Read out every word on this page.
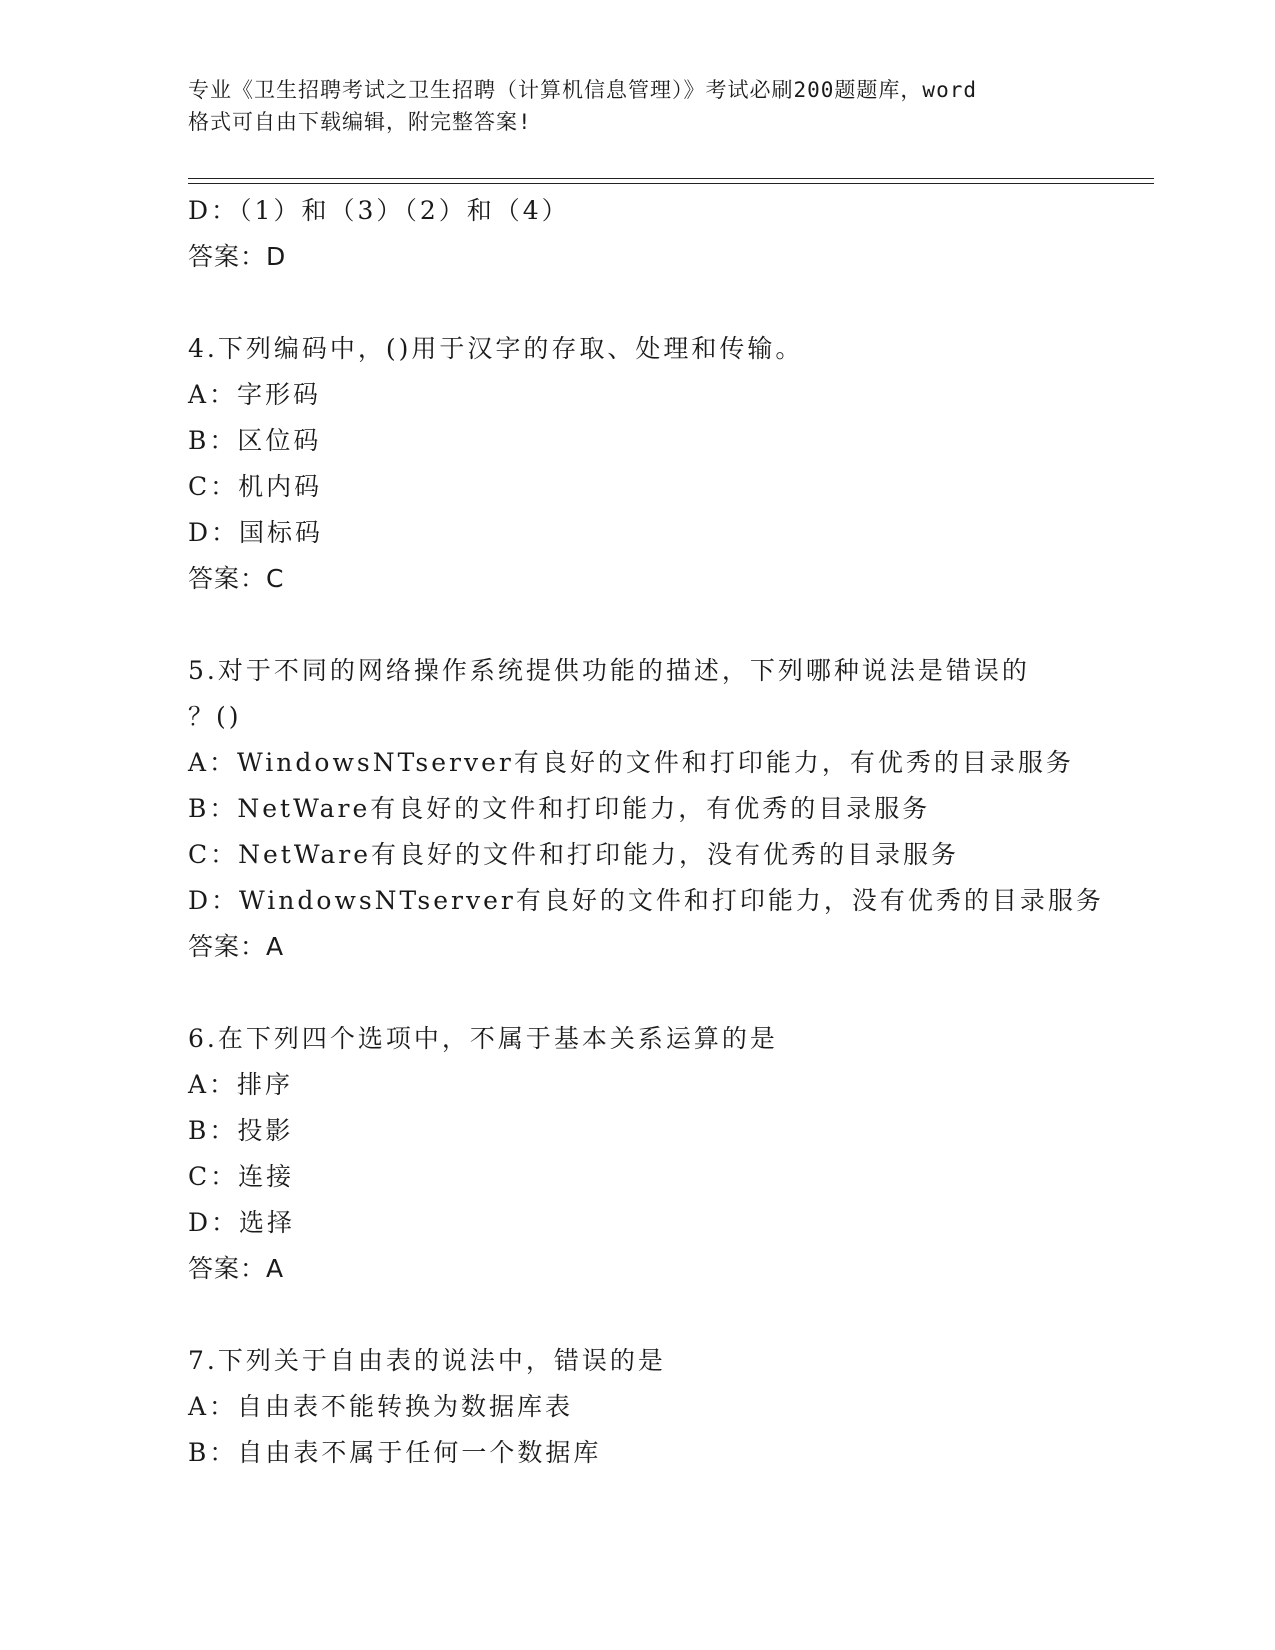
专业《卫生招聘考试之卫生招聘（计算机信息管理）》考试必刷200题题库，word
格式可自由下载编辑，附完整答案!
D：（1）和（3）（2）和（4）
答案：D
4.下列编码中，()用于汉字的存取、处理和传输。
A：字形码
B：区位码
C：机内码
D：国标码
答案：C
5.对于不同的网络操作系统提供功能的描述，下列哪种说法是错误的
？()
A：WindowsNTserver有良好的文件和打印能力，有优秀的目录服务
B：NetWare有良好的文件和打印能力，有优秀的目录服务
C：NetWare有良好的文件和打印能力，没有优秀的目录服务
D：WindowsNTserver有良好的文件和打印能力，没有优秀的目录服务
答案：A
6.在下列四个选项中，不属于基本关系运算的是
A：排序
B：投影
C：连接
D：选择
答案：A
7.下列关于自由表的说法中，错误的是
A：自由表不能转换为数据库表
B：自由表不属于任何一个数据库
